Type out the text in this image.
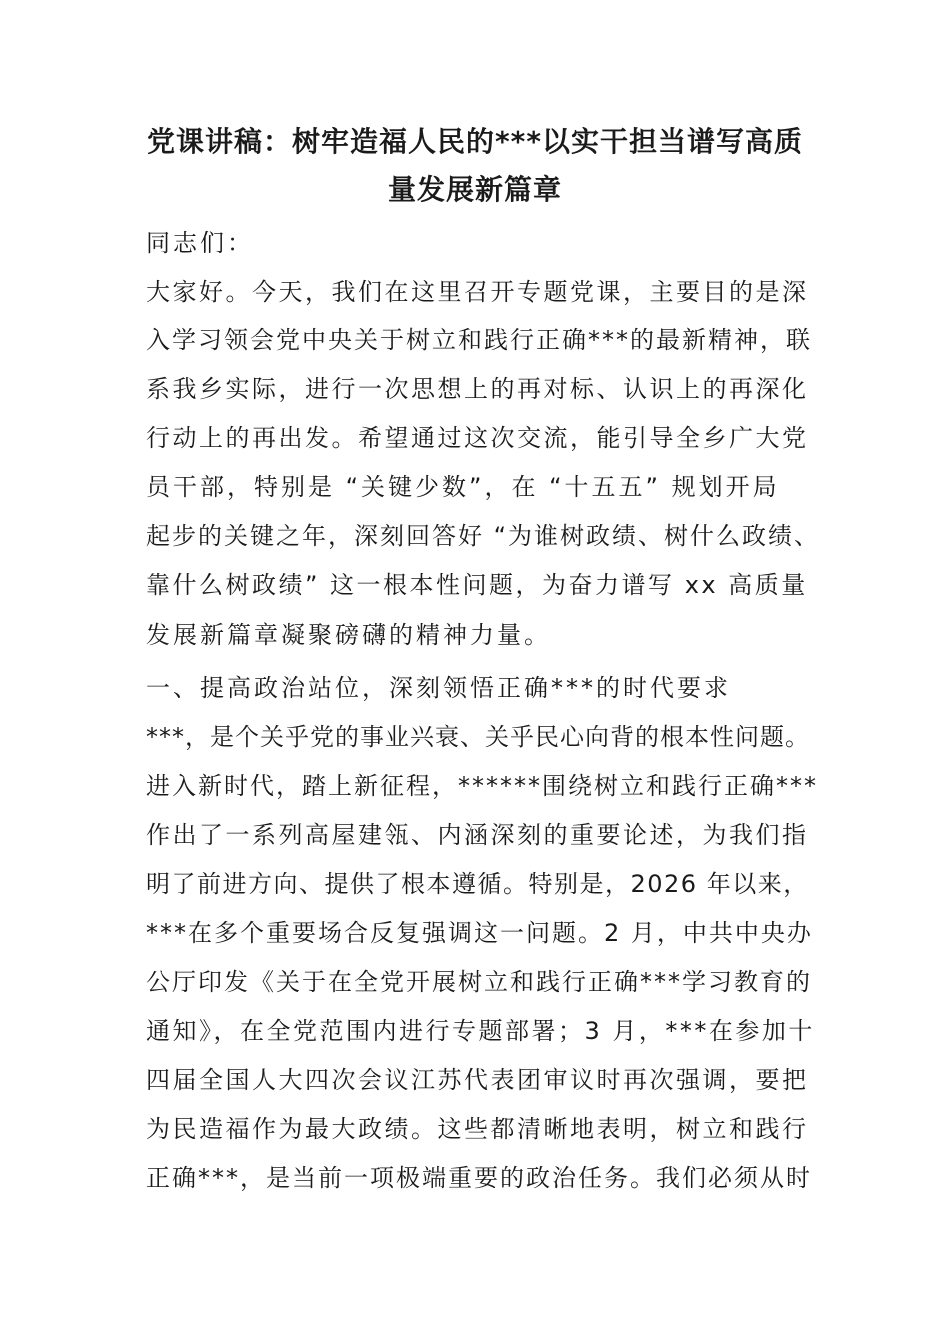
党课讲稿：树牢造福人民的***以实干担当谱写高质
量发展新篇章
同志们：
大家好。今天，我们在这里召开专题党课，主要目的是深
入学习领会党中央关于树立和践行正确***的最新精神，联
系我乡实际，进行一次思想上的再对标、认识上的再深化
行动上的再出发。希望通过这次交流，能引导全乡广大党
员干部，特别是 “关键少数”，在 “十五五” 规划开局
起步的关键之年，深刻回答好 “为谁树政绩、树什么政绩、
靠什么树政绩” 这一根本性问题，为奋力谱写 xx 高质量
发展新篇章凝聚磅礴的精神力量。
一、提高政治站位，深刻领悟正确***的时代要求
***，是个关乎党的事业兴衰、关乎民心向背的根本性问题。
进入新时代，踏上新征程，******围绕树立和践行正确***
作出了一系列高屋建瓴、内涵深刻的重要论述，为我们指
明了前进方向、提供了根本遵循。特别是，2026 年以来，
***在多个重要场合反复强调这一问题。2 月，中共中央办
公厅印发《关于在全党开展树立和践行正确***学习教育的
通知》，在全党范围内进行专题部署；3 月，***在参加十
四届全国人大四次会议江苏代表团审议时再次强调，要把
为民造福作为最大政绩。这些都清晰地表明，树立和践行
正确***，是当前一项极端重要的政治任务。我们必须从时
